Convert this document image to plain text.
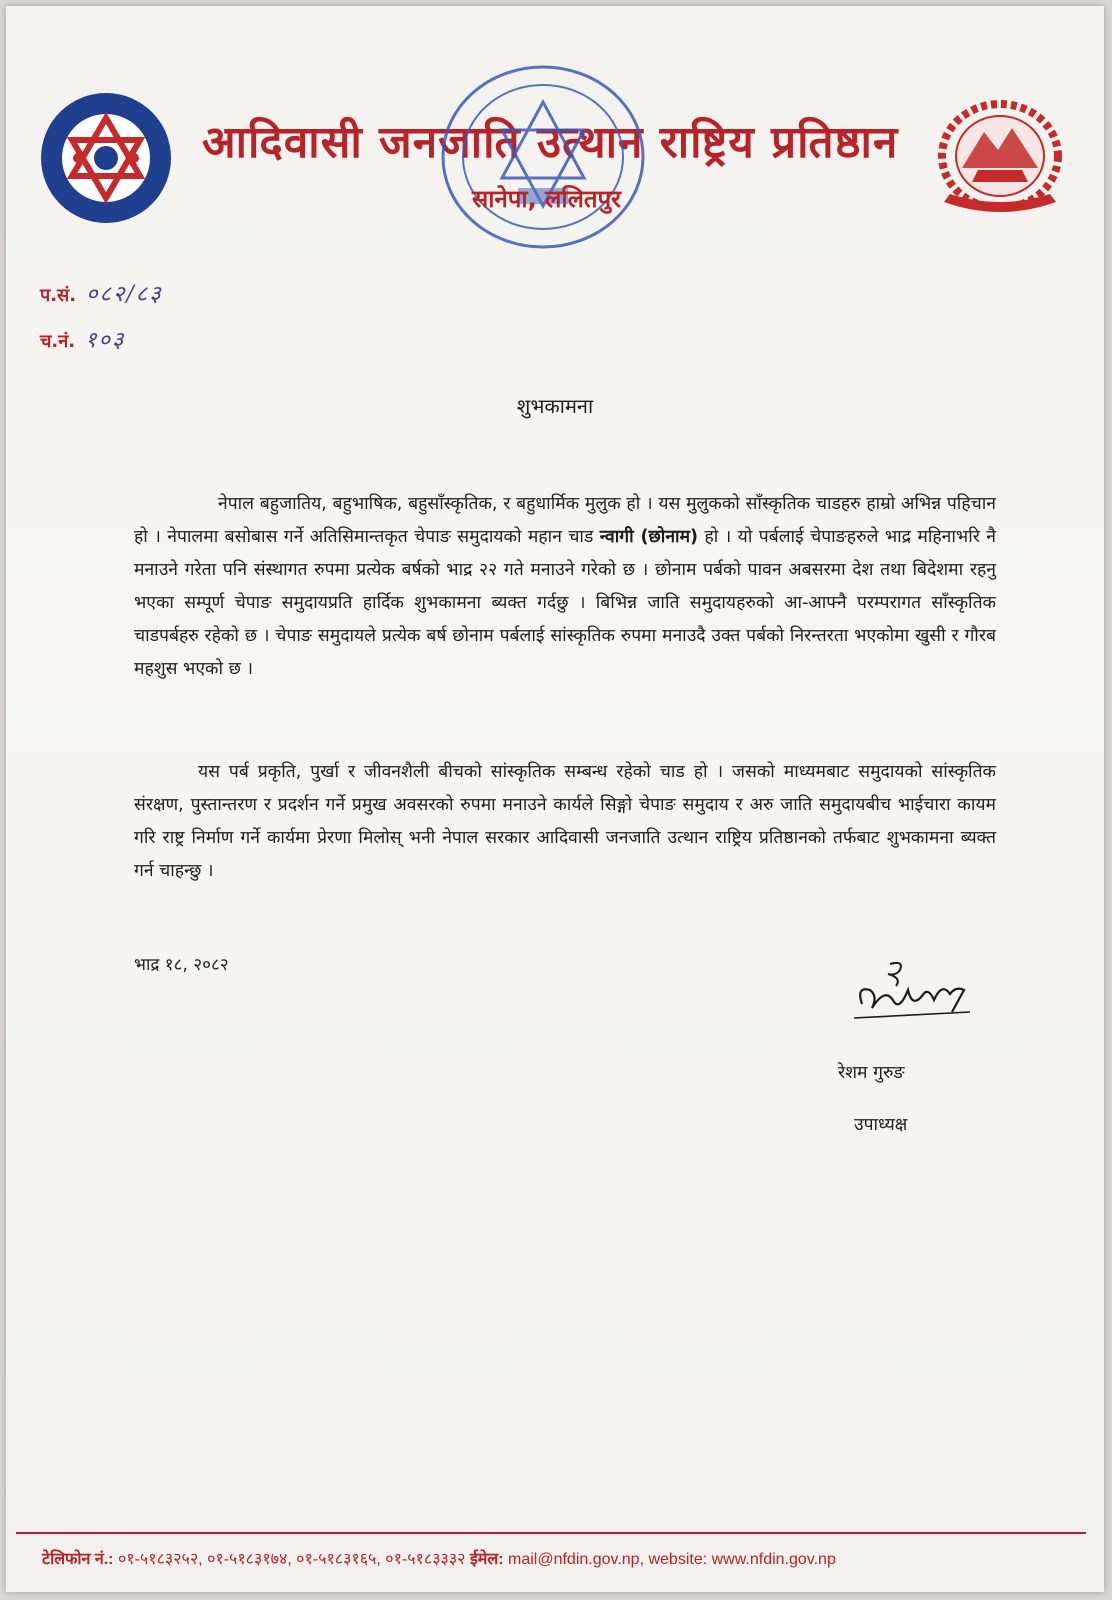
आदिवासी जनजाति उत्थान राष्ट्रिय प्रतिष्ठान
सानेपा, ललितपुर
प.सं. ०८२/८३
च.नं. १०३
शुभकामना
नेपाल बहुजातिय, बहुभाषिक, बहुसाँस्कृतिक, र बहुधार्मिक मुलुक हो । यस मुलुकको साँस्कृतिक चाडहरु हाम्रो अभिन्न पहिचान हो । नेपालमा बसोबास गर्ने अतिसिमान्तकृत चेपाङ समुदायको महान चाड न्वागी (छोनाम) हो । यो पर्बलाई चेपाङहरुले भाद्र महिनाभरि नै मनाउने गरेता पनि संस्थागत रुपमा प्रत्येक बर्षको भाद्र २२ गते मनाउने गरेको छ । छोनाम पर्बको पावन अबसरमा देश तथा बिदेशमा रहनु भएका सम्पूर्ण चेपाङ समुदायप्रति हार्दिक शुभकामना ब्यक्त गर्दछु । बिभिन्न जाति समुदायहरुको आ-आफ्नै परम्परागत साँस्कृतिक चाडपर्बहरु रहेको छ । चेपाङ समुदायले प्रत्येक बर्ष छोनाम पर्बलाई सांस्कृतिक रुपमा मनाउदै उक्त पर्बको निरन्तरता भएकोमा खुसी र गौरब महशुस भएको छ ।
यस पर्ब प्रकृति, पुर्खा र जीवनशैली बीचको सांस्कृतिक सम्बन्ध रहेको चाड हो । जसको माध्यमबाट समुदायको सांस्कृतिक संरक्षण, पुस्तान्तरण र प्रदर्शन गर्ने प्रमुख अवसरको रुपमा मनाउने कार्यले सिङ्गो चेपाङ समुदाय र अरु जाति समुदायबीच भाईचारा कायम गरि राष्ट्र निर्माण गर्ने कार्यमा प्रेरणा मिलोस् भनी नेपाल सरकार आदिवासी जनजाति उत्थान राष्ट्रिय प्रतिष्ठानको तर्फबाट शुभकामना ब्यक्त गर्न चाहन्छु ।
भाद्र १८, २०८२
रेशम गुरुङ
उपाध्यक्ष
टेलिफोन नं.: ०१-५१८३२५२, ०१-५१८३१७४, ०१-५१८३१६५, ०१-५१८३३३२ ईमेल: mail@nfdin.gov.np, website: www.nfdin.gov.np
